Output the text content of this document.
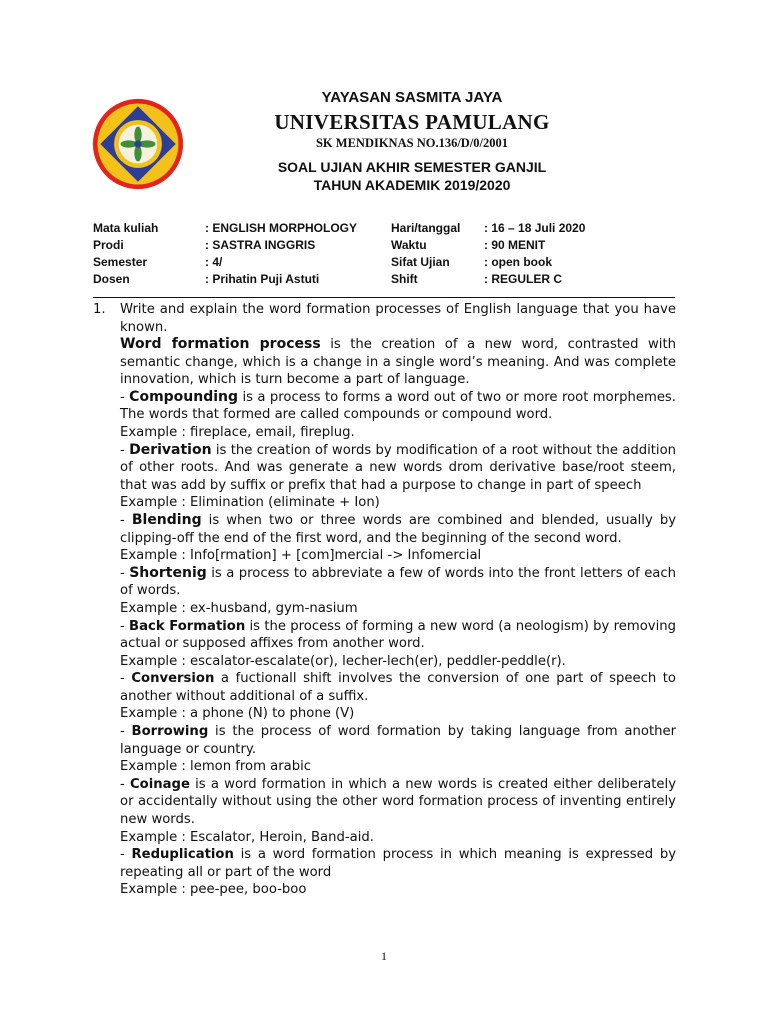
YAYASAN SASMITA JAYA
UNIVERSITAS PAMULANG
SK MENDIKNAS NO.136/D/0/2001
SOAL UJIAN AKHIR SEMESTER GANJIL
TAHUN AKADEMIK 2019/2020
Mata kuliah	: ENGLISH MORPHOLOGY	Hari/tanggal : 16 – 18 Juli 2020
Prodi	: SASTRA INGGRIS	Waktu	: 90 MENIT
Semester	: 4/	Sifat Ujian	: open book
Dosen	: Prihatin Puji Astuti	Shift	: REGULER C
1. Write and explain the word formation processes of English language that you have known.

Word formation process is the creation of a new word, contrasted with semantic change, which is a change in a single word’s meaning. And was complete innovation, which is turn become a part of language.

- Compounding is a process to forms a word out of two or more root morphemes. The words that formed are called compounds or compound word.

Example : fireplace, email, fireplug.

- Derivation is the creation of words by modification of a root without the addition of other roots. And was generate a new words drom derivative base/root steem, that was add by suffix or prefix that had a purpose to change in part of speech

Example : Elimination (eliminate + Ion)

- Blending is when two or three words are combined and blended, usually by clipping-off the end of the first word, and the beginning of the second word.

Example : Info[rmation] + [com]mercial -> Infomercial

- Shortenig is a process to abbreviate a few of words into the front letters of each of words.

Example : ex-husband, gym-nasium

- Back Formation is the process of forming a new word (a neologism) by removing actual or supposed affixes from another word.

Example : escalator-escalate(or), lecher-lech(er), peddler-peddle(r).

- Conversion a fuctionall shift involves the conversion of one part of speech to another without additional of a suffix.

Example : a phone (N) to phone (V)

- Borrowing is the process of word formation by taking language from another language or country.

Example : lemon from arabic

- Coinage is a word formation in which a new words is created either deliberately or accidentally without using the other word formation process of inventing entirely new words.

Example : Escalator, Heroin, Band-aid.

- Reduplication is a word formation process in which meaning is expressed by repeating all or part of the word

Example : pee-pee, boo-boo

1
